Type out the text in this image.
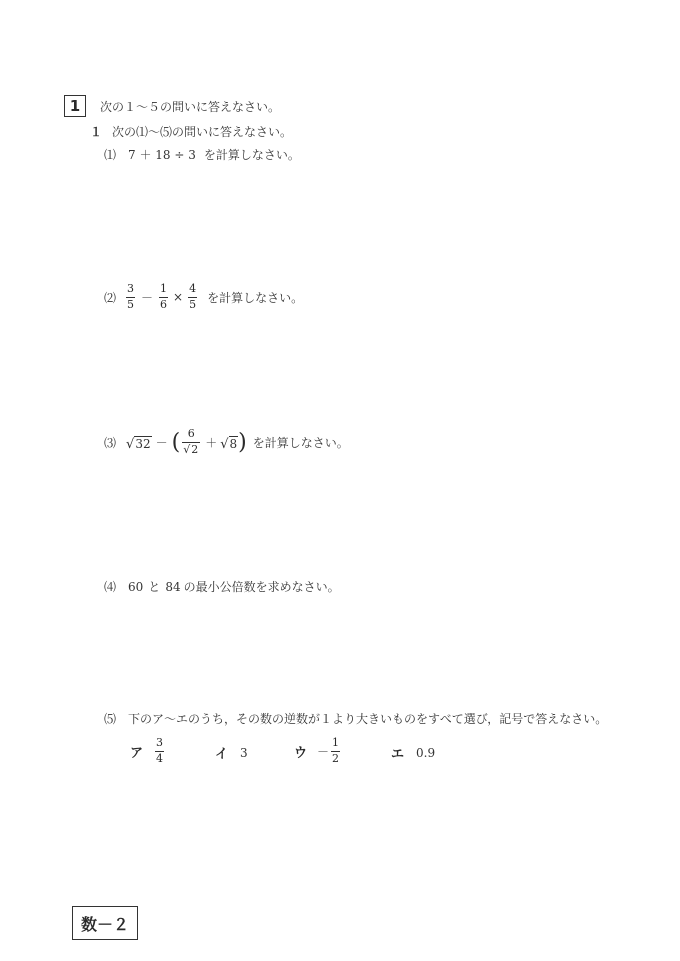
1 次の１～５の問いに答えなさい。
１ 次の⑴～⑸の問いに答えなさい。
⑴ 7 ＋ 18 ÷ 3 を計算しなさい。
⑵ $\frac{3}{5} - \frac{1}{6} \times \frac{4}{5}$ を計算しなさい。
⑶ √32 － ( $\frac{6}{√2} + √8$ ) を計算しなさい。
⑷ 60 と 84 の最小公倍数を求めなさい。
⑸ 下のア～エのうち，その数の逆数が１より大きいものをすべて選び，記号で答えなさい。
ア $\frac{3}{4}$	イ 3	ウ － $\frac{1}{2}$	エ 0.9
数－２
